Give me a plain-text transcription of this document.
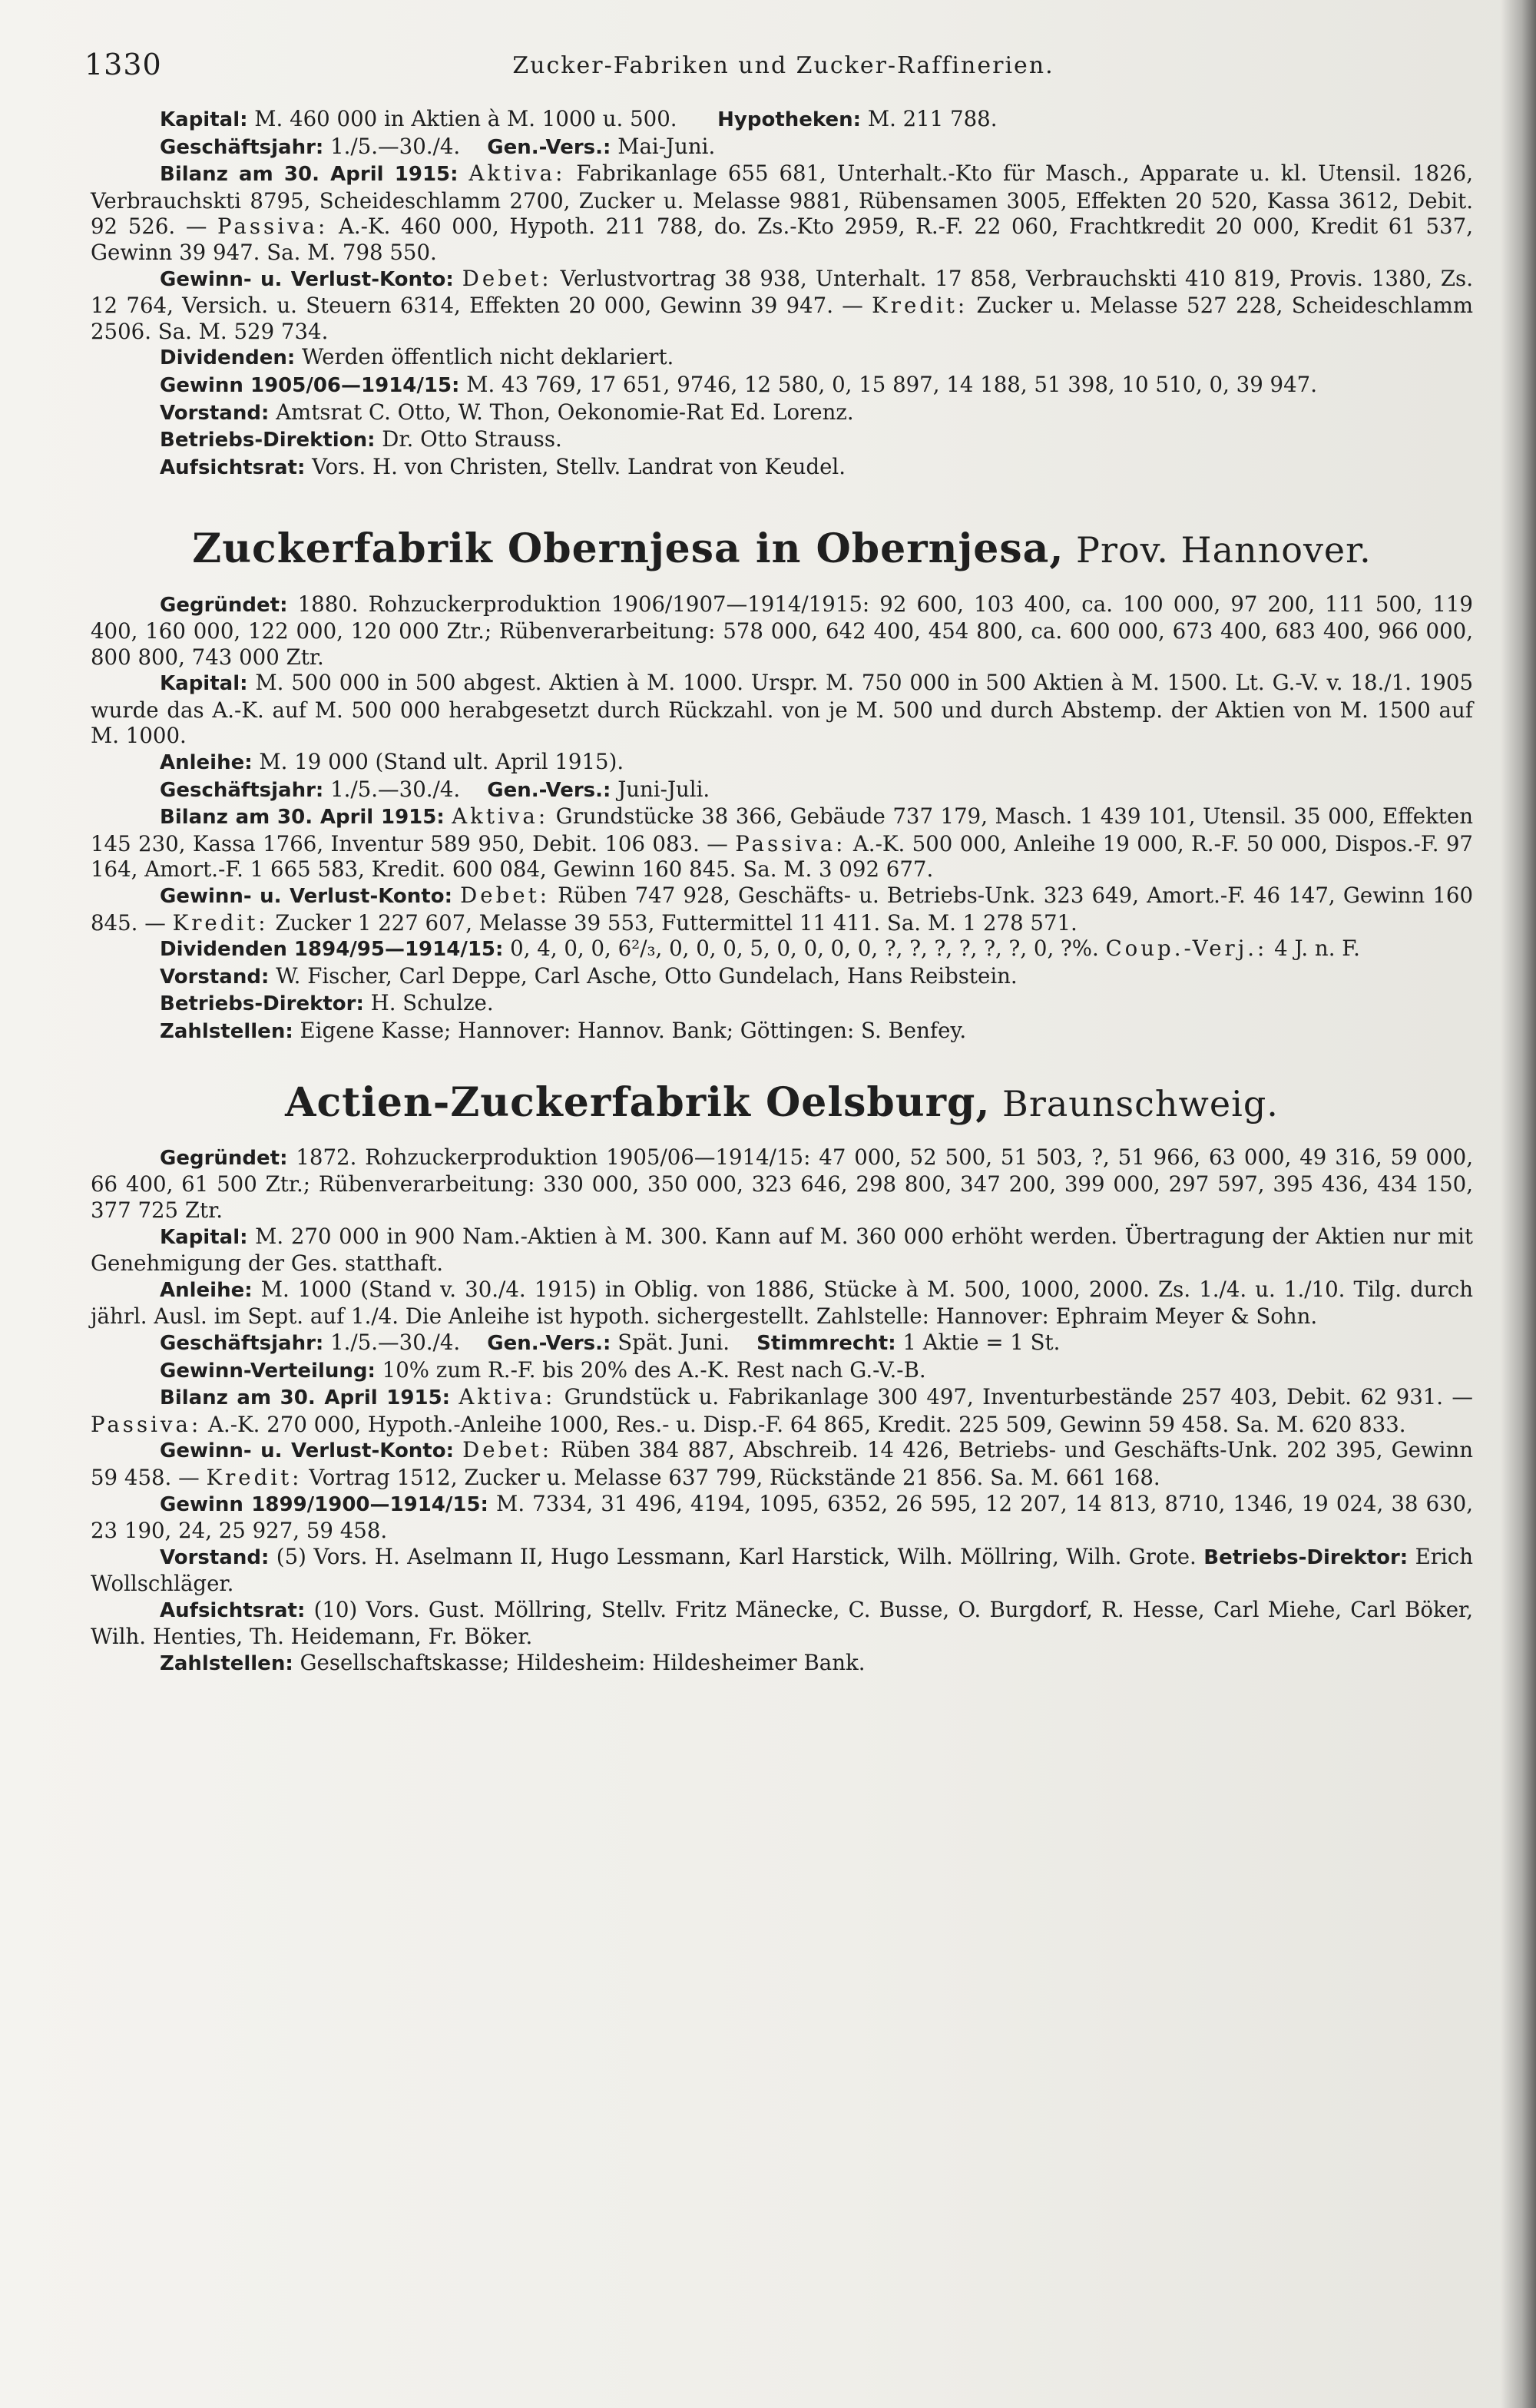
1330	Zucker-Fabriken und Zucker-Raffinerien.

Kapital: M. 460 000 in Aktien à M. 1000 u. 500. Hypotheken: M. 211 788.

Geschäftsjahr: 1./5.—30./4. Gen.-Vers.: Mai-Juni.

Bilanz am 30. April 1915: Aktiva: Fabrikanlage 655 681, Unterhalt.-Kto für Masch., Apparate u. kl. Utensil. 1826, Verbrauchskti 8795, Scheideschlamm 2700, Zucker u. Melasse 9881, Rübensamen 3005, Effekten 20 520, Kassa 3612, Debit. 92 526. — Passiva: A.-K. 460 000, Hypoth. 211 788, do. Zs.-Kto 2959, R.-F. 22 060, Frachtkredit 20 000, Kredit 61 537, Gewinn 39 947. Sa. M. 798 550.

Gewinn- u. Verlust-Konto: Debet: Verlustvortrag 38 938, Unterhalt. 17 858, Verbrauchskti 410 819, Provis. 1380, Zs. 12 764, Versich. u. Steuern 6314, Effekten 20 000, Gewinn 39 947. — Kredit: Zucker u. Melasse 527 228, Scheideschlamm 2506. Sa. M. 529 734.

Dividenden: Werden öffentlich nicht deklariert.

Gewinn 1905/06—1914/15: M. 43 769, 17 651, 9746, 12 580, 0, 15 897, 14 188, 51 398, 10 510, 0, 39 947.

Vorstand: Amtsrat C. Otto, W. Thon, Oekonomie-Rat Ed. Lorenz.

Betriebs-Direktion: Dr. Otto Strauss.

Aufsichtsrat: Vors. H. von Christen, Stellv. Landrat von Keudel.

Zuckerfabrik Obernjesa in Obernjesa, Prov. Hannover.

Gegründet: 1880. Rohzuckerproduktion 1906/1907—1914/1915: 92 600, 103 400, ca. 100 000, 97 200, 111 500, 119 400, 160 000, 122 000, 120 000 Ztr.; Rübenverarbeitung: 578 000, 642 400, 454 800, ca. 600 000, 673 400, 683 400, 966 000, 800 800, 743 000 Ztr.

Kapital: M. 500 000 in 500 abgest. Aktien à M. 1000. Urspr. M. 750 000 in 500 Aktien à M. 1500. Lt. G.-V. v. 18./1. 1905 wurde das A.-K. auf M. 500 000 herabgesetzt durch Rückzahl. von je M. 500 und durch Abstemp. der Aktien von M. 1500 auf M. 1000.

Anleihe: M. 19 000 (Stand ult. April 1915).

Geschäftsjahr: 1./5.—30./4. Gen.-Vers.: Juni-Juli.

Bilanz am 30. April 1915: Aktiva: Grundstücke 38 366, Gebäude 737 179, Masch. 1 439 101, Utensil. 35 000, Effekten 145 230, Kassa 1766, Inventur 589 950, Debit. 106 083. — Passiva: A.-K. 500 000, Anleihe 19 000, R.-F. 50 000, Dispos.-F. 97 164, Amort.-F. 1 665 583, Kredit. 600 084, Gewinn 160 845. Sa. M. 3 092 677.

Gewinn- u. Verlust-Konto: Debet: Rüben 747 928, Geschäfts- u. Betriebs-Unk. 323 649, Amort.-F. 46 147, Gewinn 160 845. — Kredit: Zucker 1 227 607, Melasse 39 553, Futtermittel 11 411. Sa. M. 1 278 571.

Dividenden 1894/95—1914/15: 0, 4, 0, 0, 6²/₃, 0, 0, 0, 5, 0, 0, 0, 0, ?, ?, ?, ?, ?, ?, 0, ?%. Coup.-Verj.: 4 J. n. F.

Vorstand: W. Fischer, Carl Deppe, Carl Asche, Otto Gundelach, Hans Reibstein.

Betriebs-Direktor: H. Schulze.

Zahlstellen: Eigene Kasse; Hannover: Hannov. Bank; Göttingen: S. Benfey.

Actien-Zuckerfabrik Oelsburg, Braunschweig.

Gegründet: 1872. Rohzuckerproduktion 1905/06—1914/15: 47 000, 52 500, 51 503, ?, 51 966, 63 000, 49 316, 59 000, 66 400, 61 500 Ztr.; Rübenverarbeitung: 330 000, 350 000, 323 646, 298 800, 347 200, 399 000, 297 597, 395 436, 434 150, 377 725 Ztr.

Kapital: M. 270 000 in 900 Nam.-Aktien à M. 300. Kann auf M. 360 000 erhöht werden. Übertragung der Aktien nur mit Genehmigung der Ges. statthaft.

Anleihe: M. 1000 (Stand v. 30./4. 1915) in Oblig. von 1886, Stücke à M. 500, 1000, 2000. Zs. 1./4. u. 1./10. Tilg. durch jährl. Ausl. im Sept. auf 1./4. Die Anleihe ist hypoth. sichergestellt. Zahlstelle: Hannover: Ephraim Meyer & Sohn.

Geschäftsjahr: 1./5.—30./4. Gen.-Vers.: Spät. Juni. Stimmrecht: 1 Aktie = 1 St.

Gewinn-Verteilung: 10% zum R.-F. bis 20% des A.-K. Rest nach G.-V.-B.

Bilanz am 30. April 1915: Aktiva: Grundstück u. Fabrikanlage 300 497, Inventurbestände 257 403, Debit. 62 931. — Passiva: A.-K. 270 000, Hypoth.-Anleihe 1000, Res.- u. Disp.-F. 64 865, Kredit. 225 509, Gewinn 59 458. Sa. M. 620 833.

Gewinn- u. Verlust-Konto: Debet: Rüben 384 887, Abschreib. 14 426, Betriebs- und Geschäfts-Unk. 202 395, Gewinn 59 458. — Kredit: Vortrag 1512, Zucker u. Melasse 637 799, Rückstände 21 856. Sa. M. 661 168.

Gewinn 1899/1900—1914/15: M. 7334, 31 496, 4194, 1095, 6352, 26 595, 12 207, 14 813, 8710, 1346, 19 024, 38 630, 23 190, 24, 25 927, 59 458.

Vorstand: (5) Vors. H. Aselmann II, Hugo Lessmann, Karl Harstick, Wilh. Möllring, Wilh. Grote. Betriebs-Direktor: Erich Wollschläger.

Aufsichtsrat: (10) Vors. Gust. Möllring, Stellv. Fritz Mänecke, C. Busse, O. Burgdorf, R. Hesse, Carl Miehe, Carl Böker, Wilh. Henties, Th. Heidemann, Fr. Böker.

Zahlstellen: Gesellschaftskasse; Hildesheim: Hildesheimer Bank.
